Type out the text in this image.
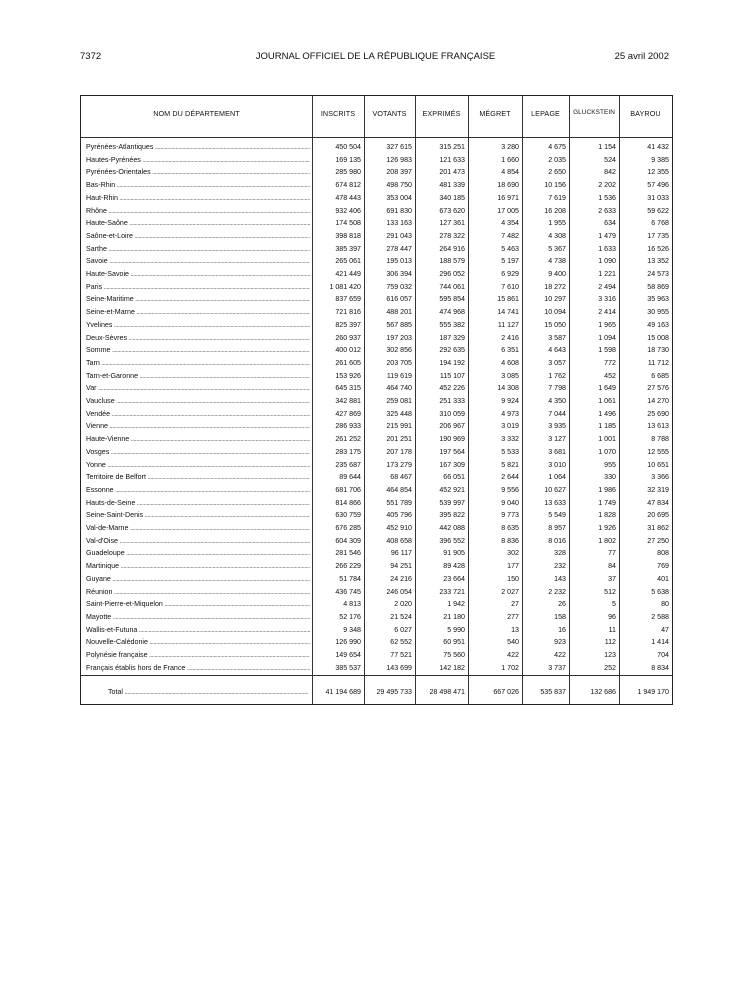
7372	JOURNAL OFFICIEL DE LA RÉPUBLIQUE FRANÇAISE	25 avril 2002
NOM DU DÉPARTEMENT	INSCRITS	VOTANTS	EXPRIMÉS	MÉGRET	LEPAGE	GLUCKSTEIN	BAYROU
Pyrénées-Atlantiques .....	450 504	327 615	315 251	3 280	4 675	1 154	41 432
Hautes-Pyrénées .....	169 135	126 983	121 633	1 660	2 035	524	9 385
Pyrénées-Orientales .....	285 980	208 397	201 473	4 854	2 650	842	12 355
Bas-Rhin .....	674 812	498 750	481 339	18 690	10 156	2 202	57 496
Haut-Rhin .....	478 443	353 004	340 185	16 971	7 619	1 536	31 033
Rhône .....	932 406	691 830	673 620	17 005	16 208	2 633	59 622
Haute-Saône .....	174 508	133 163	127 361	4 354	1 955	634	6 768
Saône-et-Loire .....	398 818	291 043	278 322	7 482	4 308	1 479	17 735
Sarthe .....	385 397	278 447	264 916	5 463	5 367	1 633	16 526
Savoie .....	265 061	195 013	188 579	5 197	4 738	1 090	13 352
Haute-Savoie .....	421 449	306 394	296 052	6 929	9 400	1 221	24 573
Paris .....	1 081 420	759 032	744 061	7 610	18 272	2 494	58 869
Seine-Maritime .....	837 659	616 057	595 854	15 861	10 297	3 316	35 963
Seine-et-Marne .....	721 816	488 201	474 968	14 741	10 094	2 414	30 955
Yvelines .....	825 397	567 885	555 382	11 127	15 050	1 965	49 163
Deux-Sèvres .....	260 937	197 203	187 329	2 416	3 587	1 094	15 008
Somme .....	400 012	302 856	292 635	6 351	4 643	1 598	18 730
Tarn .....	261 605	203 705	194 192	4 608	3 057	772	11 712
Tarn-et-Garonne .....	153 926	119 619	115 107	3 085	1 762	452	6 685
Var .....	645 315	464 740	452 226	14 308	7 798	1 649	27 576
Vaucluse .....	342 881	259 081	251 333	9 924	4 350	1 061	14 270
Vendée .....	427 869	325 448	310 059	4 973	7 044	1 496	25 690
Vienne .....	286 933	215 991	206 967	3 019	3 935	1 185	13 613
Haute-Vienne .....	261 252	201 251	190 969	3 332	3 127	1 001	8 788
Vosges .....	283 175	207 178	197 564	5 533	3 681	1 070	12 555
Yonne .....	235 687	173 279	167 309	5 821	3 010	955	10 651
Territoire de Belfort .....	89 644	68 467	66 051	2 644	1 064	330	3 366
Essonne .....	681 706	464 854	452 921	9 556	10 627	1 986	32 319
Hauts-de-Seine .....	814 866	551 789	539 997	9 040	13 633	1 749	47 834
Seine-Saint-Denis .....	630 759	405 796	395 822	9 773	5 549	1 828	20 695
Val-de-Marne .....	676 285	452 910	442 088	8 635	8 957	1 926	31 862
Val-d'Oise .....	604 309	408 658	396 552	8 836	8 016	1 802	27 250
Guadeloupe .....	281 546	96 117	91 905	302	328	77	808
Martinique .....	266 229	94 251	89 428	177	232	84	769
Guyane .....	51 784	24 216	23 664	150	143	37	401
Réunion .....	436 745	246 054	233 721	2 027	2 232	512	5 638
Saint-Pierre-et-Miquelon .....	4 813	2 020	1 942	27	26	5	80
Mayotte .....	52 176	21 524	21 180	277	158	96	2 588
Wallis-et-Futuna .....	9 348	6 027	5 990	13	16	11	47
Nouvelle-Calédonie .....	126 990	62 552	60 951	540	923	112	1 414
Polynésie française .....	149 654	77 521	75 560	422	422	123	704
Français établis hors de France .....	385 537	143 699	142 182	1 702	3 737	252	8 834
Total .....	41 194 689	29 495 733	28 498 471	667 026	535 837	132 686	1 949 170
